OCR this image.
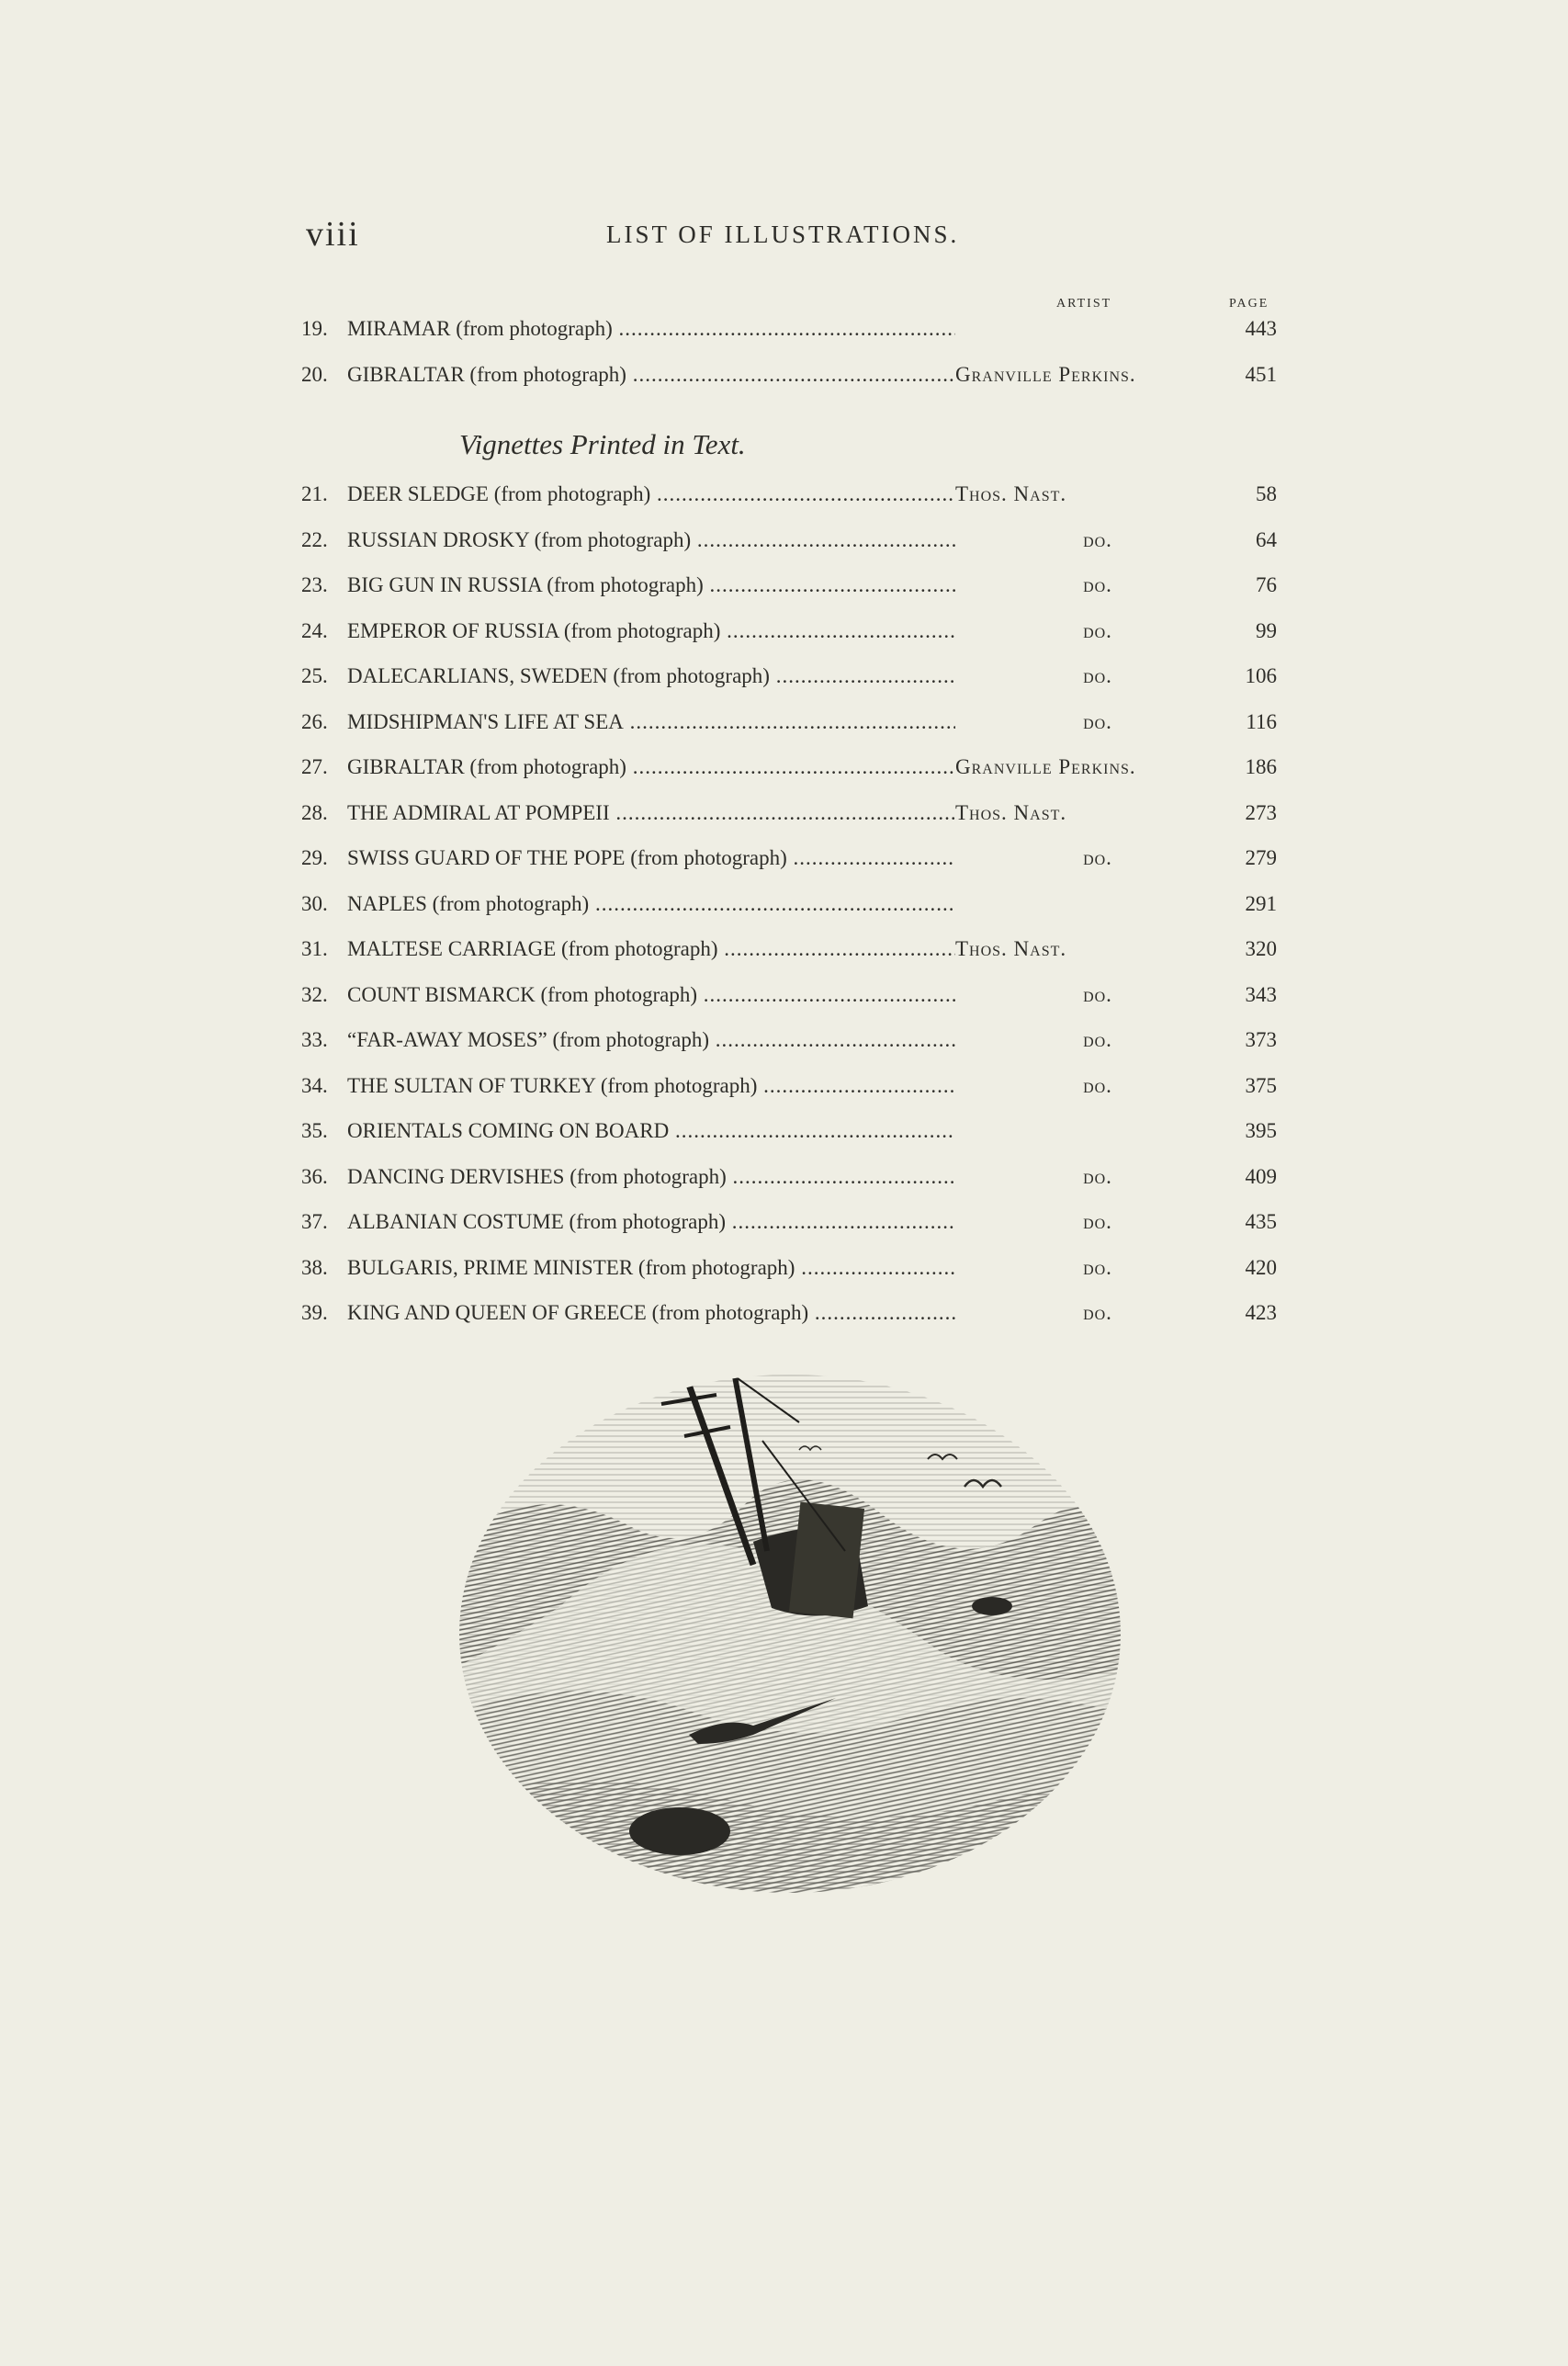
viii	LIST OF ILLUSTRATIONS.
ARTIST	PAGE
19. MIRAMAR (from photograph) .....	443
20. GIBRALTAR (from photograph) .....	Granville Perkins.	451
Vignettes Printed in Text.
21. DEER SLEDGE (from photograph) .....	Thos. Nast.	58
22. RUSSIAN DROSKY (from photograph) .....	do.	64
23. BIG GUN IN RUSSIA (from photograph) .....	do.	76
24. EMPEROR OF RUSSIA (from photograph) .....	do.	99
25. DALECARLIANS, SWEDEN (from photograph) .....	do.	106
26. MIDSHIPMAN'S LIFE AT SEA .....	do.	116
27. GIBRALTAR (from photograph) .....	Granville Perkins.	186
28. THE ADMIRAL AT POMPEII .....	Thos. Nast.	273
29. SWISS GUARD OF THE POPE (from photograph) .....	do.	279
30. NAPLES (from photograph) .....	291
31. MALTESE CARRIAGE (from photograph) .....	Thos. Nast.	320
32. COUNT BISMARCK (from photograph) .....	do.	343
33. “FAR-AWAY MOSES” (from photograph) .....	do.	373
34. THE SULTAN OF TURKEY (from photograph) .....	do.	375
35. ORIENTALS COMING ON BOARD .....	395
36. DANCING DERVISHES (from photograph) .....	do.	409
37. ALBANIAN COSTUME (from photograph) .....	do.	435
38. BULGARIS, PRIME MINISTER (from photograph) .....	do.	420
39. KING AND QUEEN OF GREECE (from photograph) .....	do.	423
